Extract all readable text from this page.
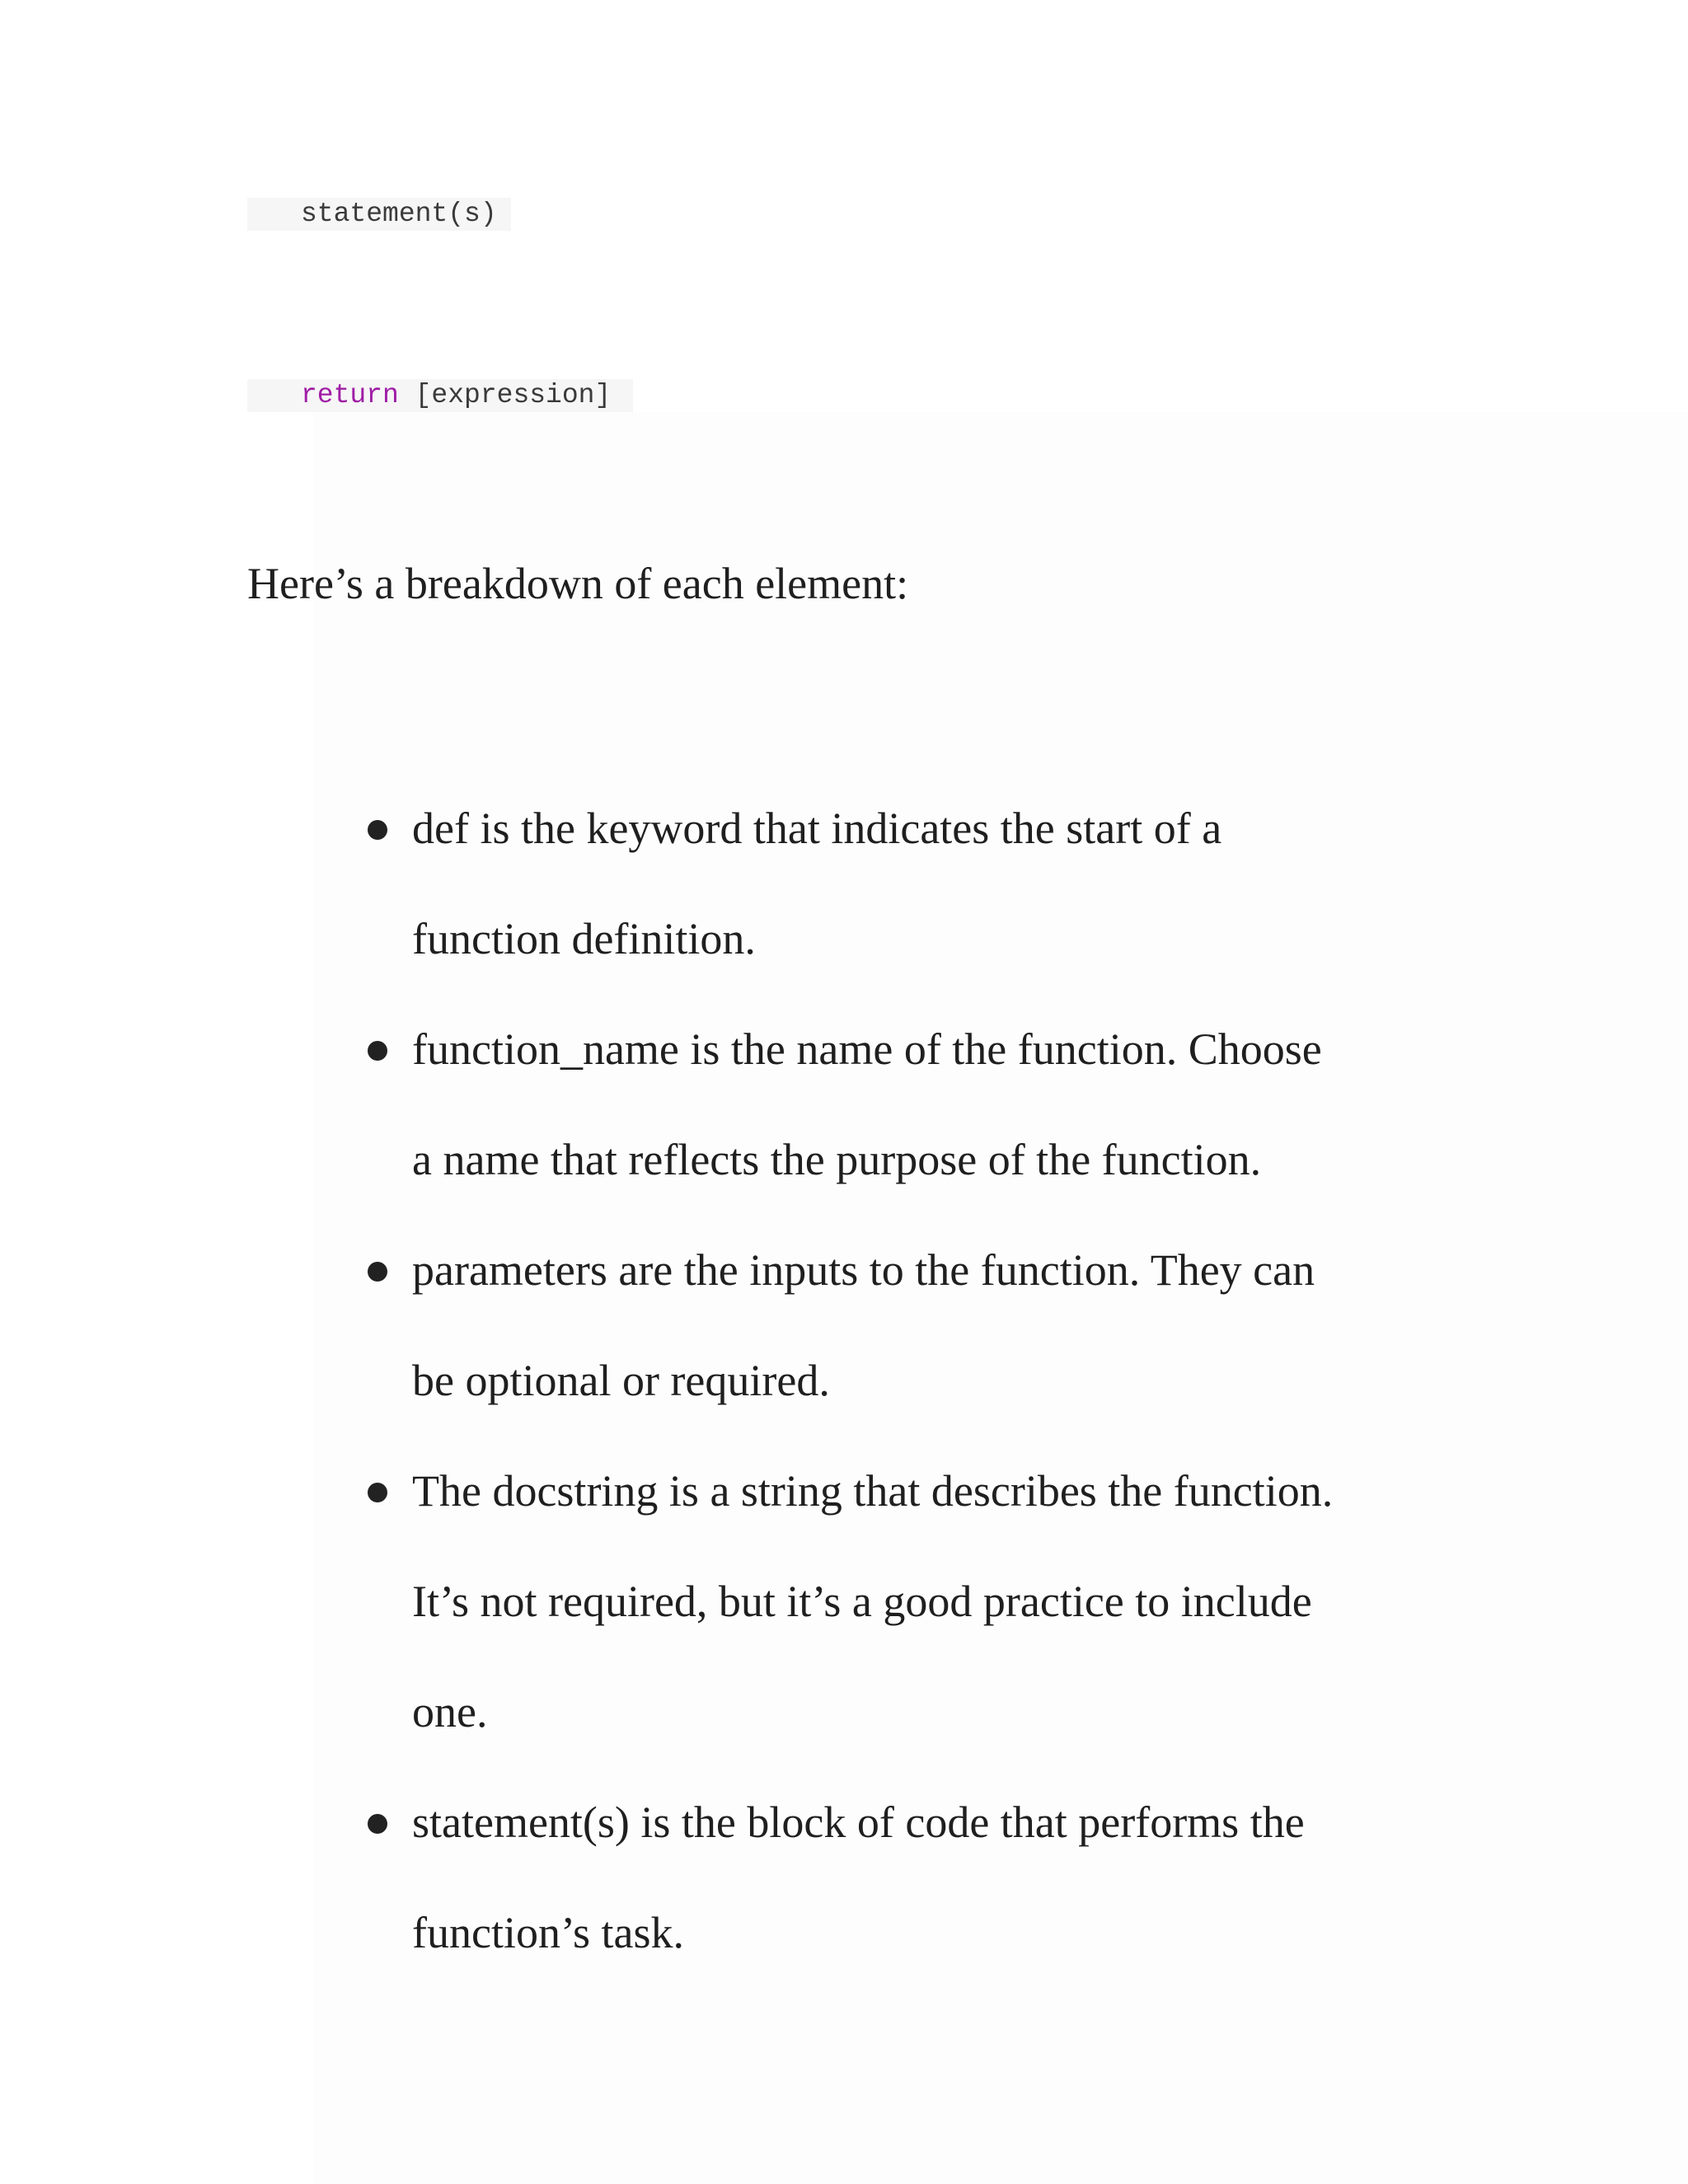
statement(s)
return [expression]

Here’s a breakdown of each element:

def is the keyword that indicates the start of a
function definition.
function_name is the name of the function. Choose
a name that reflects the purpose of the function.
parameters are the inputs to the function. They can
be optional or required.
The docstring is a string that describes the function.
It’s not required, but it’s a good practice to include
one.
statement(s) is the block of code that performs the
function’s task.
